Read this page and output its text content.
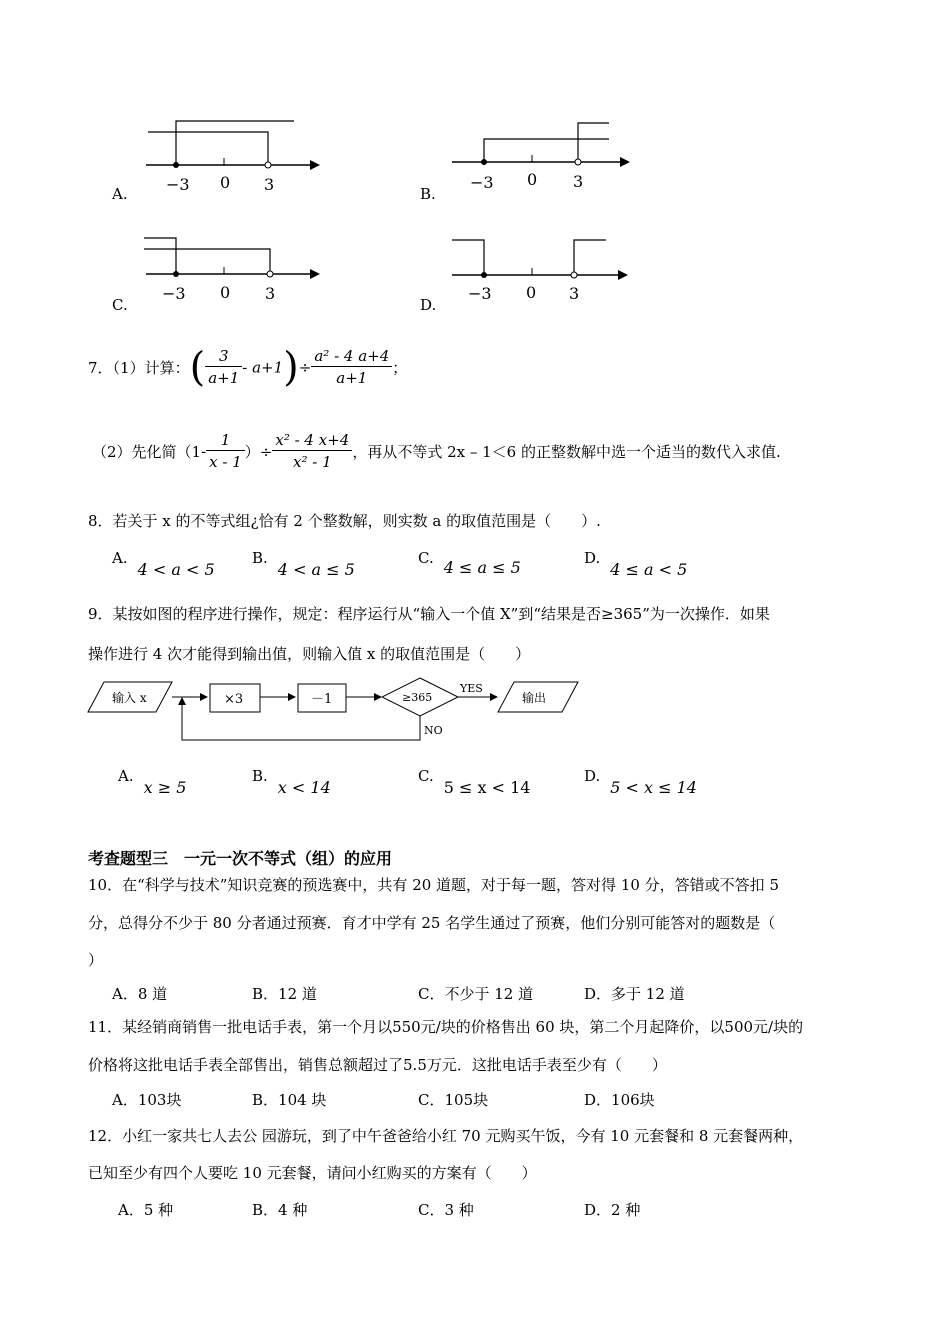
A. −3 0 3	B.
−3 0 3
C.
−3 0 3
D.
−3 0 3
7．（1）计算：( $\frac{3}{a+1} - a+1)\div \frac{\text{a² - 4 a+4}}{a+1}$ ；
（2）先化简（$1- \frac{1}{x - 1}$ ）÷ $\frac{\text{x² - 4 x+4}}{\text{x² - 1}}$ ，再从不等式 2x – 1＜6 的正整数解中选一个适当的数代入求值.
8．若关于 x 的不等式组¿恰有 2 个整数解，则实数 a 的取值范围是（　　）.
A.4 < a < 5
B.4 < a ≤ 5
C. 4 ≤ a ≤ 5	D.4 ≤ a < 5
9．某按如图的程序进行操作，规定：程序运行从“输入一个值 X”到“结果是否≥365”为一次操作．如果
操作进行 4 次才能得到输出值，则输入值 x 的取值范围是（　　）
输入 x	×3	－1	≥365
YES
输出
NO
A.x ≥ 5
B.x < 14
C.5 ≤ x < 14
D.5 < x ≤ 14
考查题型三　一元一次不等式（组）的应用
10．在“科学与技术”知识竞赛的预选赛中，共有 20 道题，对于每一题，答对得 10 分，答错或不答扣 5
分，总得分不少于 80 分者通过预赛．育才中学有 25 名学生通过了预赛，他们分别可能答对的题数是（
）
A．8 道	B．12 道	C．不少于 12 道	D．多于 12 道
11．某经销商销售一批电话手表，第一个月以550元/块的价格售出 60 块，第二个月起降价，以500元/块的
价格将这批电话手表全部售出，销售总额超过了5.5万元．这批电话手表至少有（　　）
A．103块	B．104 块	C．105块	D．106块
12．小红一家共七人去公 园游玩，到了中午爸爸给小红 70 元购买午饭，今有 10 元套餐和 8 元套餐两种，
已知至少有四个人要吃 10 元套餐，请问小红购买的方案有（　　）
A．5 种	B．4 种	C．3 种	D．2 种
